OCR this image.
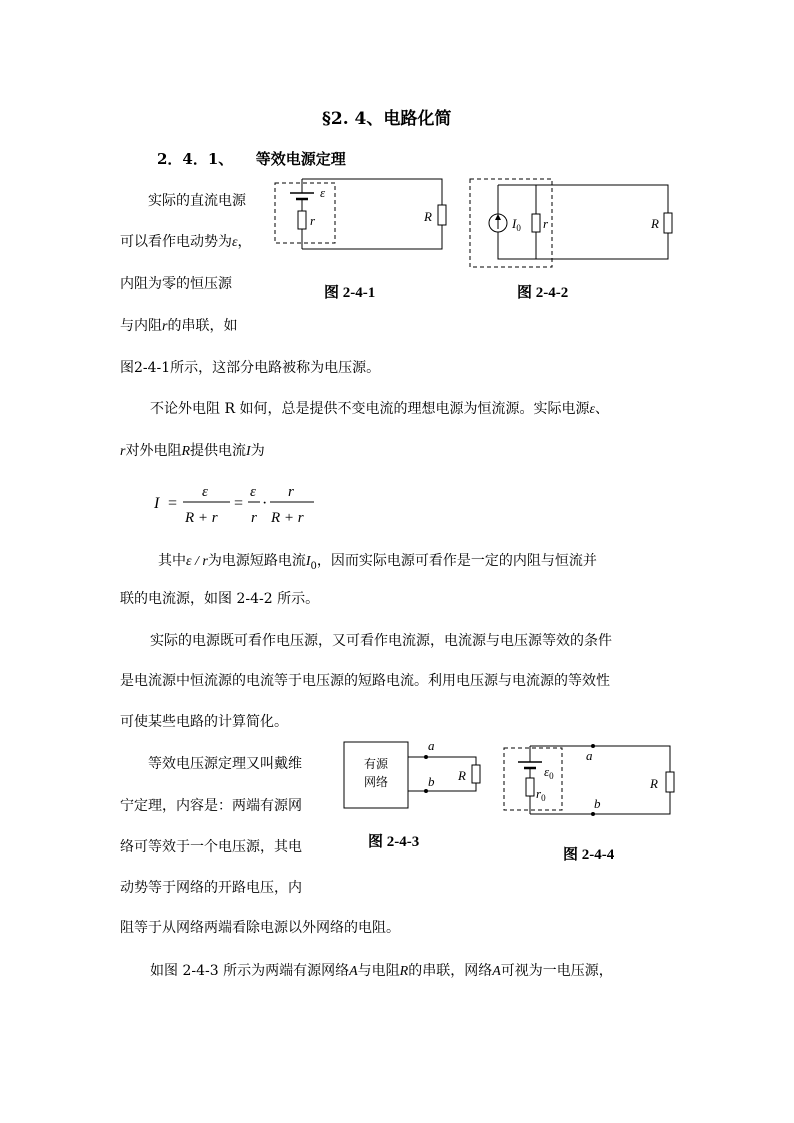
§2. 4、电路化简
2．4．1、　　等效电源定理
实际的直流电源
可以看作电动势为ε，
内阻为零的恒压源
与内阻r的串联，如
图2-4-1所示，这部分电路被称为电压源。
ε
r	R
图 2-4-1
$I_0$ r	R
图 2-4-2
不论外电阻 R 如何，总是提供不变电流的理想电源为恒流源。实际电源ε、
r对外电阻R提供电流I为
I =
ε
R + r
=
ε
r
·
r
R + r
其中ε / r为电源短路电流$I_0$，因而实际电源可看作是一定的内阻与恒流并
联的电流源，如图 2-4-2 所示。
实际的电源既可看作电压源，又可看作电流源，电流源与电压源等效的条件
是电流源中恒流源的电流等于电压源的短路电流。利用电压源与电流源的等效性
可使某些电路的计算简化。
等效电压源定理又叫戴维
宁定理，内容是：两端有源网
络可等效于一个电压源，其电
动势等于网络的开路电压，内
阻等于从网络两端看除电源以外网络的电阻。
有源
网络
a
b R
图 2-4-3
$\varepsilon_0$
$r_0$
a
b
R
图 2-4-4
如图 2-4-3 所示为两端有源网络A与电阻R的串联，网络A可视为一电压源，
